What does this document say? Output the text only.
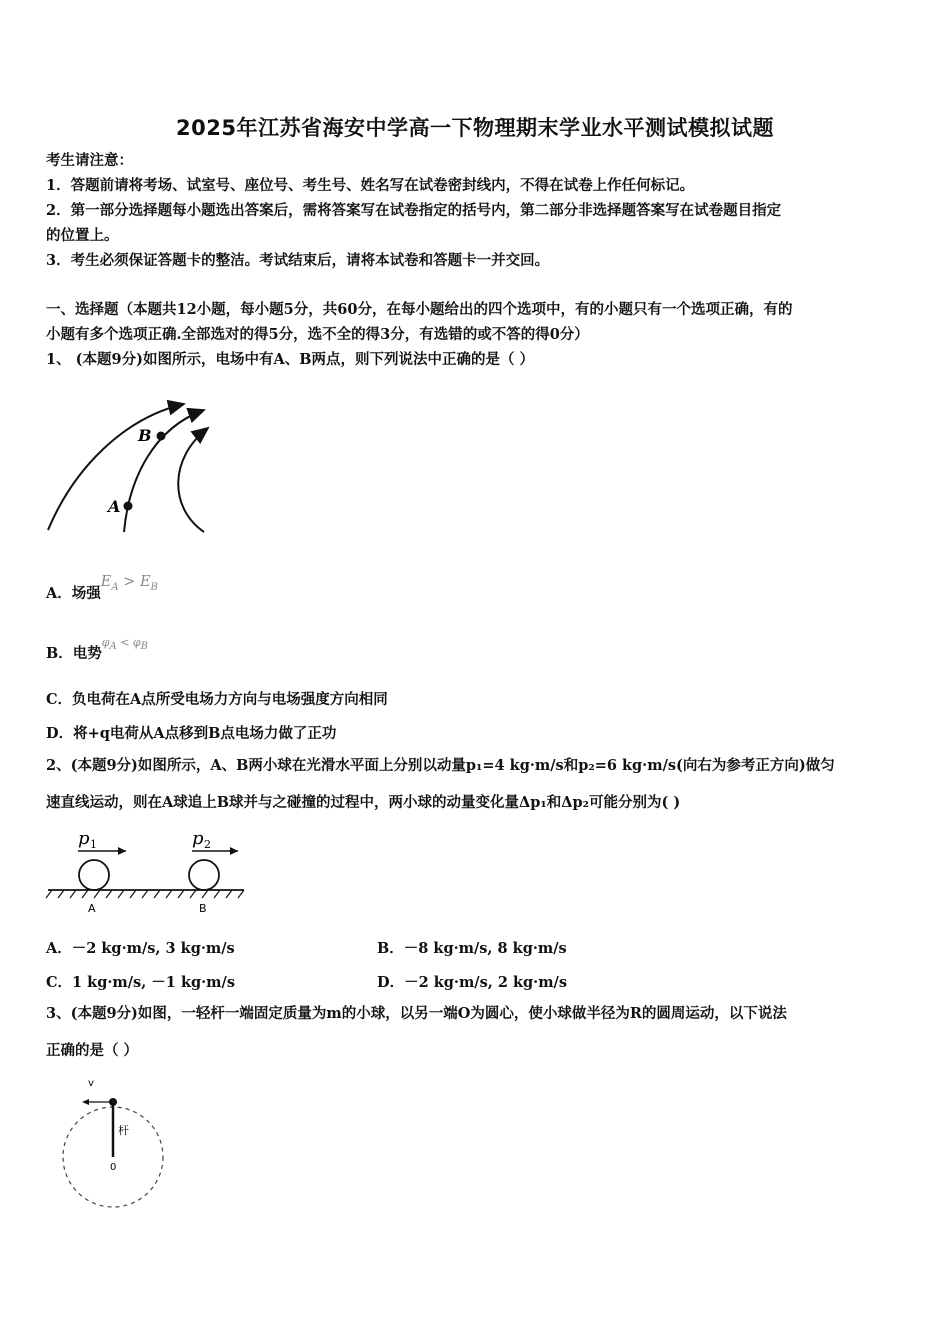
2025年江苏省海安中学高一下物理期末学业水平测试模拟试题
考生请注意：
1．答题前请将考场、试室号、座位号、考生号、姓名写在试卷密封线内，不得在试卷上作任何标记。
2．第一部分选择题每小题选出答案后，需将答案写在试卷指定的括号内，第二部分非选择题答案写在试卷题目指定
的位置上。
3．考生必须保证答题卡的整洁。考试结束后，请将本试卷和答题卡一并交回。
一、选择题（本题共12小题，每小题5分，共60分，在每小题给出的四个选项中，有的小题只有一个选项正确，有的
小题有多个选项正确.全部选对的得5分，选不全的得3分，有选错的或不答的得0分）
1、 (本题9分)如图所示，电场中有A、B两点，则下列说法中正确的是（ ）
A
B
A．场强$E_A > E_B$
B．电势$^{\varphi_A < \varphi_B}$
C．负电荷在A点所受电场力方向与电场强度方向相同
D．将+q电荷从A点移到B点电场力做了正功
2、(本题9分)如图所示，A、B两小球在光滑水平面上分别以动量p₁=4 kg·m/s和p₂=6 kg·m/s(向右为参考正方向)做匀
速直线运动，则在A球追上B球并与之碰撞的过程中，两小球的动量变化量Δp₁和Δp₂可能分别为( )
p 1	p 2
A	B
A．－2 kg·m/s, 3 kg·m/s	B．－8 kg·m/s, 8 kg·m/s
C．1 kg·m/s, －1 kg·m/s	D．－2 kg·m/s, 2 kg·m/s
3、(本题9分)如图，一轻杆一端固定质量为m的小球，以另一端O为圆心，使小球做半径为R的圆周运动，以下说法
正确的是（ ）
v
杆
0
